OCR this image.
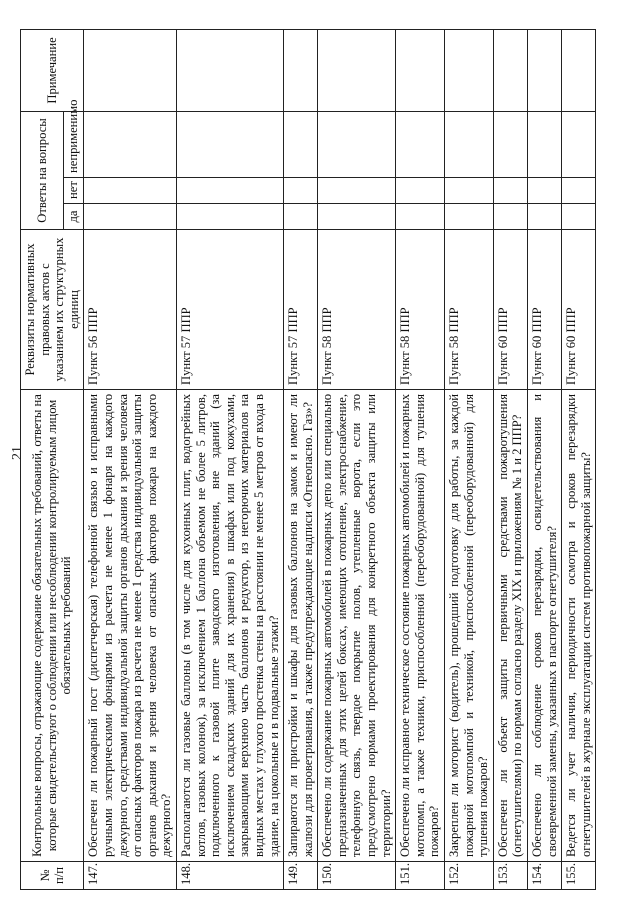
21
№ п/п	Контрольные вопросы, отражающие содержание обязательных требований, ответы на которые свидетельствуют о соблюдении или несоблюдении контролируемым лицом обязательных требований	Реквизиты нормативных правовых актов с указанием их структурных единиц	Ответы на вопросы			Примечание
			да	нет	неприменимо	
147.	Обеспечен ли пожарный пост (диспетчерская) телефонной связью и исправными ручными электрическими фонарями из расчета не менее 1 фонаря на каждого дежурного, средствами индивидуальной защиты органов дыхания и зрения человека от опасных факторов пожара из расчета не менее 1 средства индивидуальной защиты органов дыхания и зрения человека от опасных факторов пожара на каждого дежурного?	Пункт 56 ППР				
148.	Располагаются ли газовые баллоны (в том числе для кухонных плит, водогрейных котлов, газовых колонок), за исключением 1 баллона объемом не более 5 литров, подключенного к газовой плите заводского изготовления, вне зданий (за исключением складских зданий для их хранения) в шкафах или под кожухами, закрывающими верхнюю часть баллонов и редуктор, из негорючих материалов на видных местах у глухого простенка стены на расстоянии не менее 5 метров от входа в здание, на цокольные и в подвальные этажи?	Пункт 57 ППР				
149.	Запираются ли пристройки и шкафы для газовых баллонов на замок и имеют ли жалюзи для проветривания, а также предупреждающие надписи «Огнеопасно. Газ»?	Пункт 57 ППР				
150.	Обеспечено ли содержание пожарных автомобилей в пожарных депо или специально предназначенных для этих целей боксах, имеющих отопление, электроснабжение, телефонную связь, твердое покрытие полов, утепленные ворота, если это предусмотрено нормами проектирования для конкретного объекта защиты или территории?	Пункт 58 ППР				
151.	Обеспечено ли исправное техническое состояние пожарных автомобилей и пожарных мотопомп, а также техники, приспособленной (переоборудованной) для тушения пожаров?	Пункт 58 ППР				
152.	Закреплен ли моторист (водитель), прошедший подготовку для работы, за каждой пожарной мотопомпой и техникой, приспособленной (переоборудованной) для тушения пожаров?	Пункт 58 ППР				
153.	Обеспечен ли объект защиты первичными средствами пожаротушения (огнетушителями) по нормам согласно разделу XIX и приложениям № 1 и 2 ППР?	Пункт 60 ППР				
154.	Обеспечено ли соблюдение сроков перезарядки, освидетельствования и своевременной замены, указанных в паспорте огнетушителя?	Пункт 60 ППР				
155.	Ведется ли учет наличия, периодичности осмотра и сроков перезарядки огнетушителей в журнале эксплуатации систем противопожарной защиты?	Пункт 60 ППР				
